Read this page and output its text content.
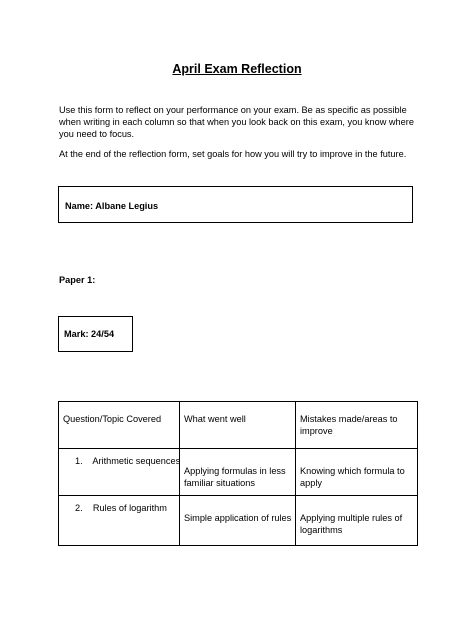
April Exam Reflection

Use this form to reflect on your performance on your exam. Be as specific as possible when writing in each column so that when you look back on this exam, you know where you need to focus.

At the end of the reflection form, set goals for how you will try to improve in the future.

Name: Albane Legius

Paper 1:

Mark: 24/54
Question/Topic Covered	What went well	Mistakes made/areas to improve

1.    Arithmetic sequences	Applying formulas in less familiar situations	Knowing which formula to apply

2.    Rules of logarithm	Simple application of rules	Applying multiple rules of logarithms
